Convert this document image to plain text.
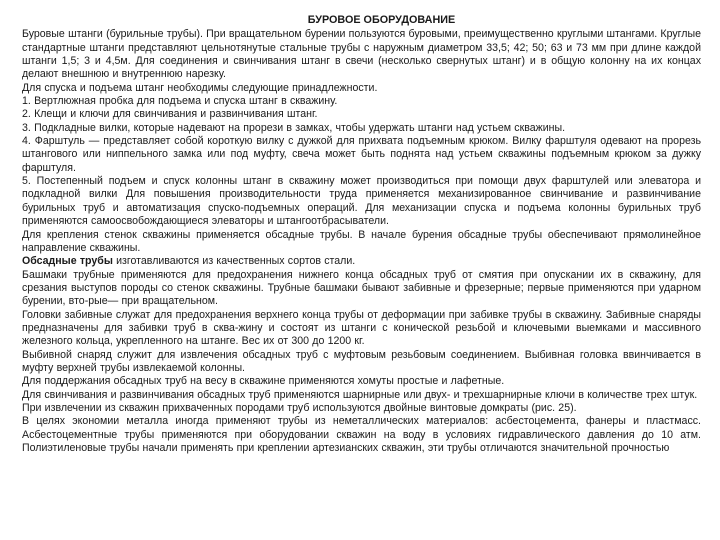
БУРОВОЕ ОБОРУДОВАНИЕ

Буровые штанги (бурильные трубы). При вращательном бурении пользуются буровыми, преимущественно круглыми штангами. Круглые стандартные штанги представляют цельнотянутые стальные трубы с наружным диаметром 33,5; 42; 50; 63 и 73 мм при длине каждой штанги 1,5; 3 и 4,5м. Для соединения и свинчивания штанг в свечи (несколько свернутых штанг) и в общую колонну на их концах делают внешнюю и внутреннюю нарезку.

Для спуска и подъема штанг необходимы следующие принадлежности.

1. Вертлюжная пробка для подъема и спуска штанг в скважину.

2. Клещи и ключи для свинчивания и развинчивания штанг.

3. Подкладные вилки, которые надевают на прорези в замках, чтобы удержать штанги над устьем скважины.

4. Фарштуль — представляет собой короткую вилку с дужкой для прихвата подъемным крюком. Вилку фарштуля одевают на прорезь штангового или ниппельного замка или под муфту, свеча может быть поднята над устьем скважины подъемным крюком за дужку фарштуля.

5. Постепенный подъем и спуск колонны штанг в скважину может производиться при помощи двух фарштулей или элеватора и подкладной вилки Для повышения производительности труда применяется механизированное свинчивание и развинчивание бурильных труб и автоматизация спуско-подъемных операций. Для механизации спуска и подъема колонны бурильных труб применяются самоосвобождающиеся элеваторы и штангоотбрасыватели.

Для крепления стенок скважины применяется обсадные трубы. В начале бурения обсадные трубы обеспечивают прямолинейное направление скважины.

Обсадные трубы изготавливаются из качественных сортов стали.

Башмаки трубные применяются для предохранения нижнего конца обсадных труб от смятия при опускании их в скважину, для срезания выступов породы со стенок скважины. Трубные башмаки бывают забивные и фрезерные; первые применяются при ударном бурении, вто-рые— при вращательном.

Головки забивные служат для предохранения верхнего конца трубы от деформации при забивке трубы в скважину. Забивные снаряды предназначены для забивки труб в сква-жину и состоят из штанги с конической резьбой и ключевыми выемками и массивного железного кольца, укрепленного на штанге. Вес их от 300 до 1200 кг.

Выбивной снаряд служит для извлечения обсадных труб с муфтовым резьбовым соединением. Выбивная головка ввинчивается в муфту верхней трубы извлекаемой колонны.

Для поддержания обсадных труб на весу в скважине применяются хомуты простые и лафетные.

Для свинчивания и развинчивания обсадных труб применяются шарнирные или двух- и трехшарнирные ключи в количестве трех штук.

При извлечении из скважин прихваченных породами труб используются двойные винтовые домкраты (рис. 25).

В целях экономии металла иногда применяют трубы из неметаллических материалов: асбестоцемента, фанеры и пластмасс. Асбестоцементные трубы применяются при оборудовании скважин на воду в условиях гидравлического давления до 10 атм. Полиэтиленовые трубы начали применять при креплении артезианских скважин, эти трубы отличаются значительной прочностью
